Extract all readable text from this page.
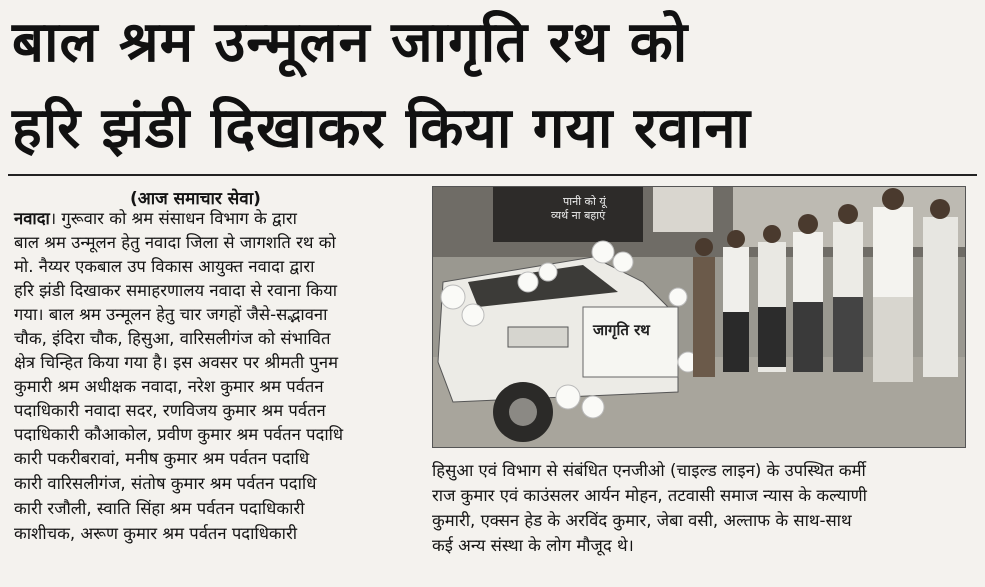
बाल श्रम उन्मूलन जागृति रथ को
हरि झंडी दिखाकर किया गया रवाना
(आज समाचार सेवा)
नवादा। गुरूवार को श्रम संसाधन विभाग के द्वारा
बाल श्रम उन्मूलन हेतु नवादा जिला से जागशति रथ को
मो. नैय्यर एकबाल उप विकास आयुक्त नवादा द्वारा
हरि झंडी दिखाकर समाहरणालय नवादा से रवाना किया
गया। बाल श्रम उन्मूलन हेतु चार जगहों जैसे-सद्भावना
चौक, इंदिरा चौक, हिसुआ, वारिसलीगंज को संभावित
क्षेत्र चिन्हित किया गया है। इस अवसर पर श्रीमती पुनम
कुमारी श्रम अधीक्षक नवादा, नरेश कुमार श्रम पर्वतन
पदाधिकारी नवादा सदर, रणविजय कुमार श्रम पर्वतन
पदाधिकारी कौआकोल, प्रवीण कुमार श्रम पर्वतन पदाधि
कारी पकरीबरावां, मनीष कुमार श्रम पर्वतन पदाधि
कारी वारिसलीगंज, संतोष कुमार श्रम पर्वतन पदाधि
कारी रजौली, स्वाति सिंहा श्रम पर्वतन पदाधिकारी
काशीचक, अरूण कुमार श्रम पर्वतन पदाधिकारी
पानी को यूं
व्यर्थ ना बहाएं
जागृति रथ
हिसुआ एवं विभाग से संबंधित एनजीओ (चाइल्ड लाइन) के उपस्थित कर्मी
राज कुमार एवं काउंसलर आर्यन मोहन, तटवासी समाज न्यास के कल्याणी
कुमारी, एक्सन हेड के अरविंद कुमार, जेबा वसी, अल्ताफ के साथ-साथ
कई अन्य संस्था के लोग मौजूद थे।
